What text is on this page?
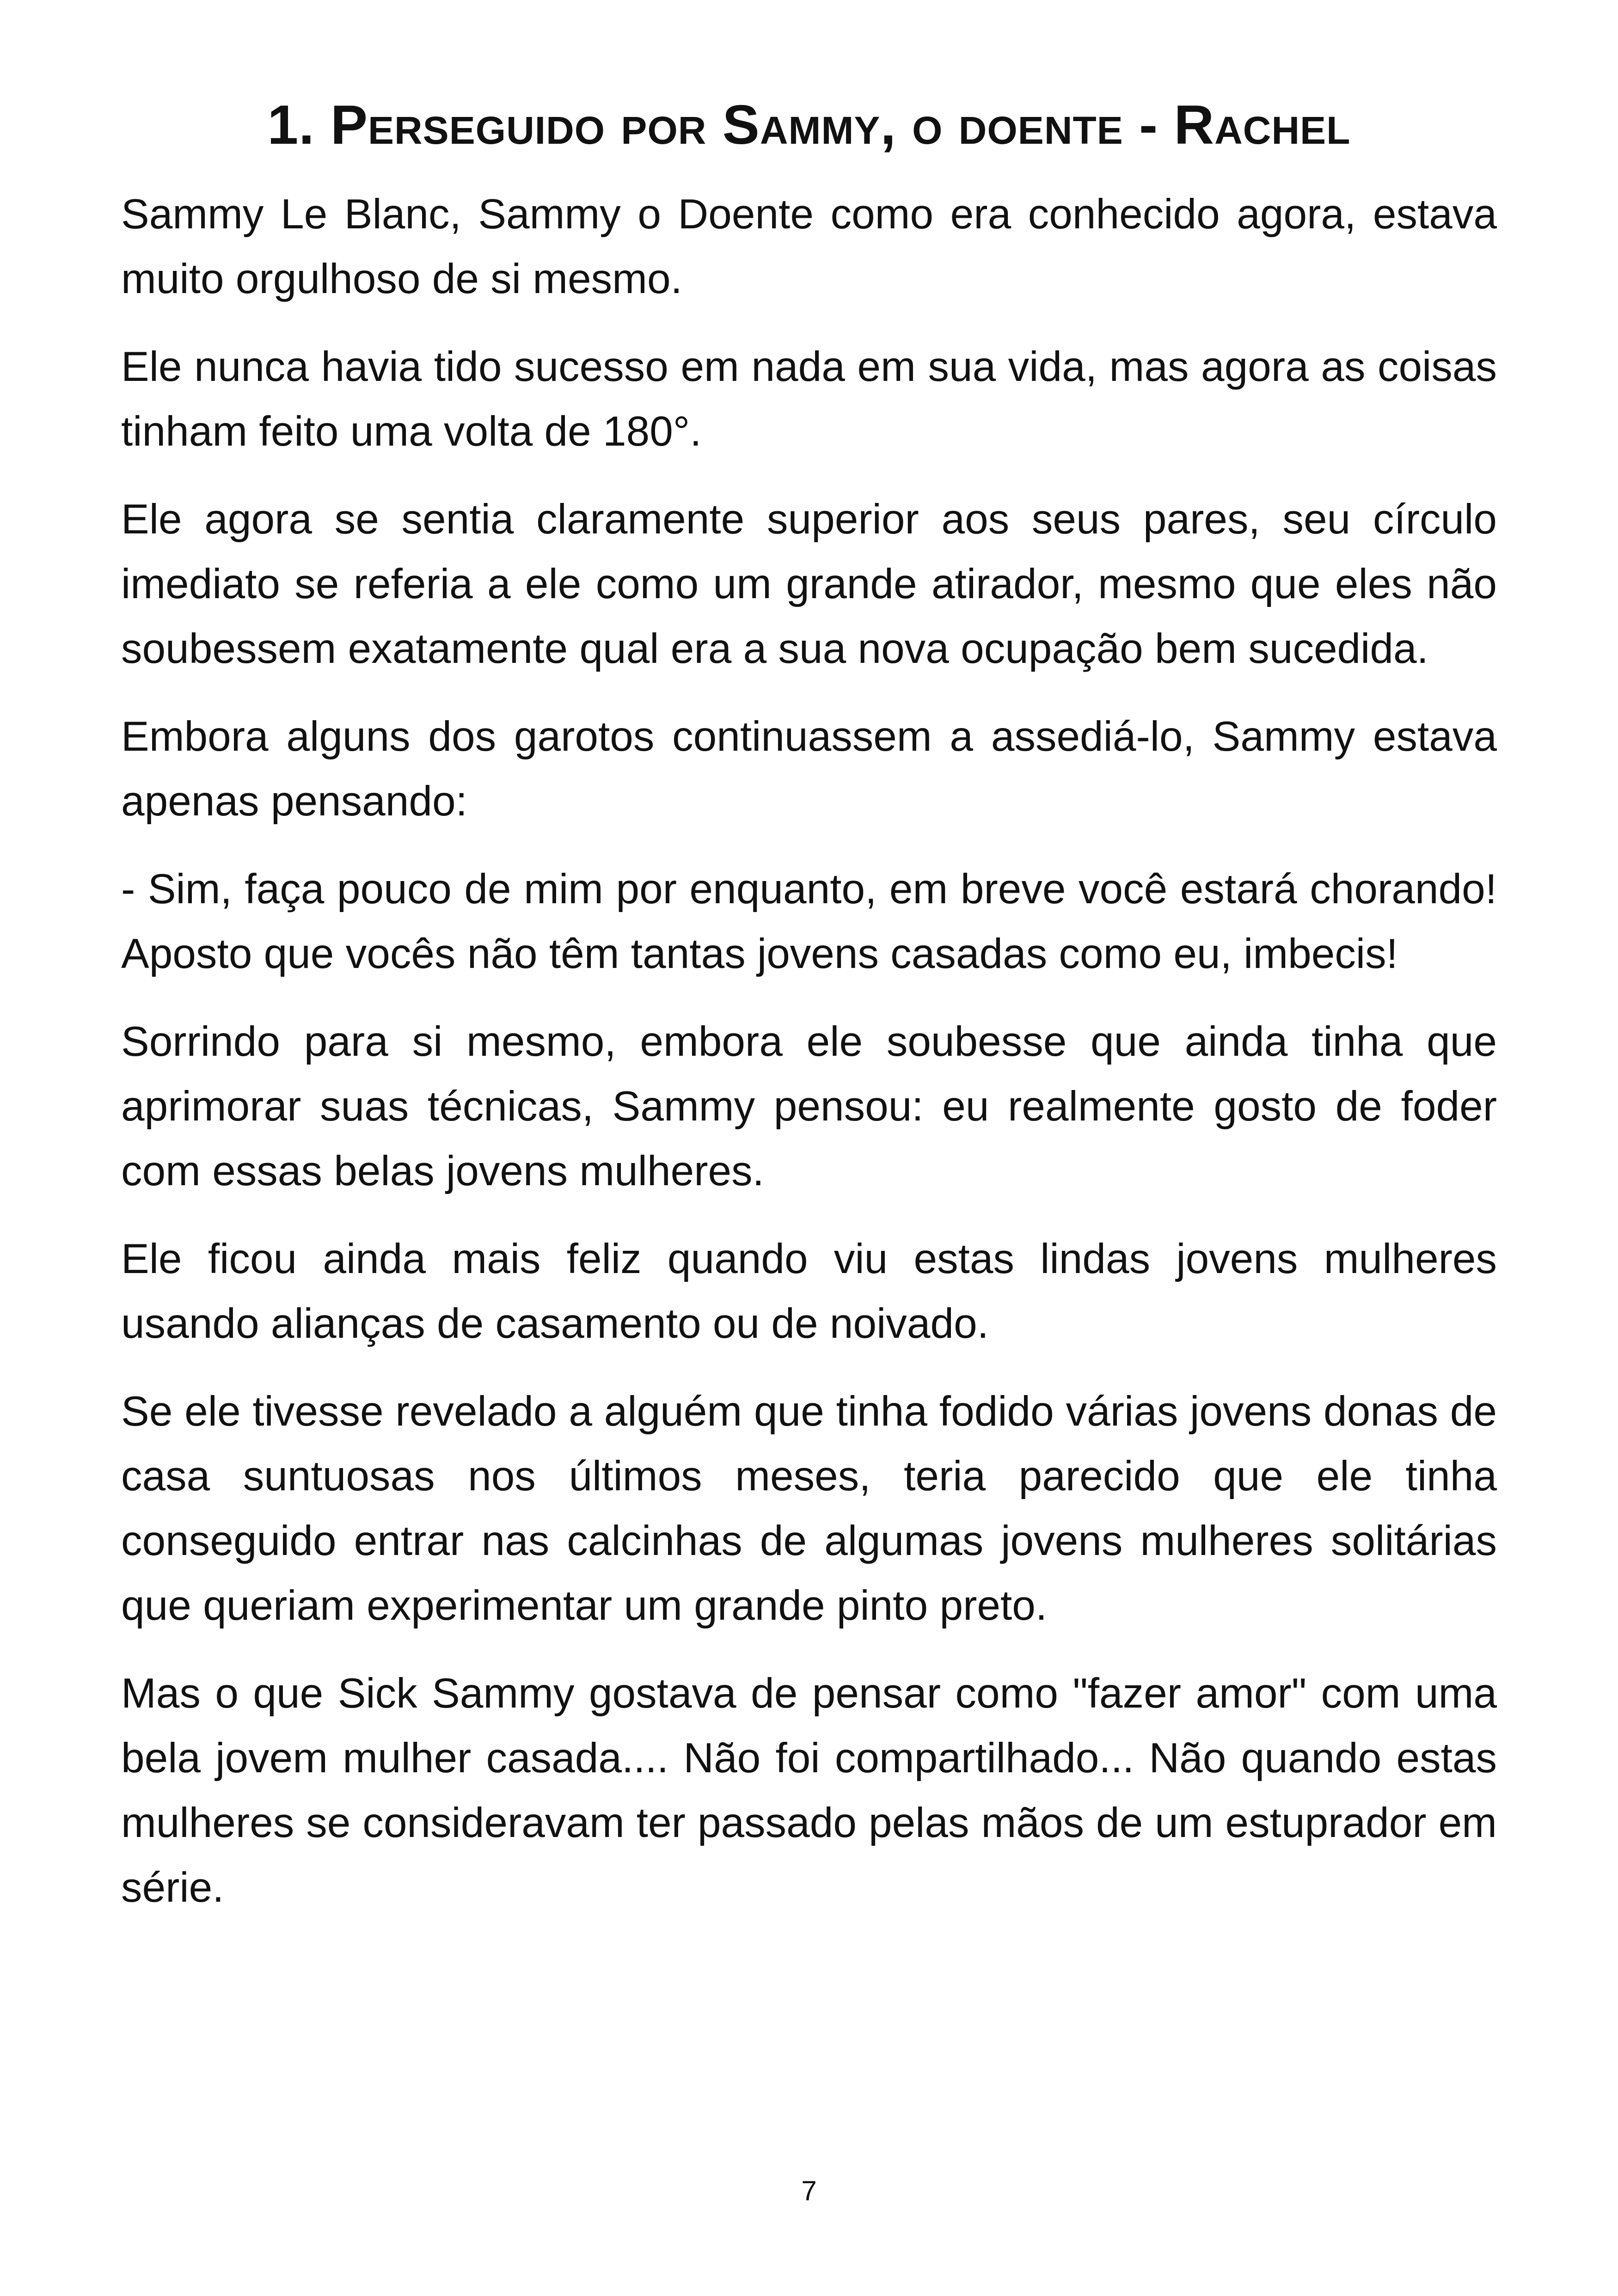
1. Perseguido por Sammy, o doente - Rachel

Sammy Le Blanc, Sammy o Doente como era conhecido agora, estava muito orgulhoso de si mesmo.

Ele nunca havia tido sucesso em nada em sua vida, mas agora as coisas tinham feito uma volta de 180°.

Ele agora se sentia claramente superior aos seus pares, seu círculo imediato se referia a ele como um grande atirador, mesmo que eles não soubessem exatamente qual era a sua nova ocupação bem sucedida.

Embora alguns dos garotos continuassem a assediá-lo, Sammy estava apenas pensando:

- Sim, faça pouco de mim por enquanto, em breve você estará chorando! Aposto que vocês não têm tantas jovens casadas como eu, imbecis!

Sorrindo para si mesmo, embora ele soubesse que ainda tinha que aprimorar suas técnicas, Sammy pensou: eu realmente gosto de foder com essas belas jovens mulheres.

Ele ficou ainda mais feliz quando viu estas lindas jovens mulheres usando alianças de casamento ou de noivado.

Se ele tivesse revelado a alguém que tinha fodido várias jovens donas de casa suntuosas nos últimos meses, teria parecido que ele tinha conseguido entrar nas calcinhas de algumas jovens mulheres solitárias que queriam experimentar um grande pinto preto.

Mas o que Sick Sammy gostava de pensar como "fazer amor" com uma bela jovem mulher casada.... Não foi compartilhado... Não quando estas mulheres se consideravam ter passado pelas mãos de um estuprador em série.

7
